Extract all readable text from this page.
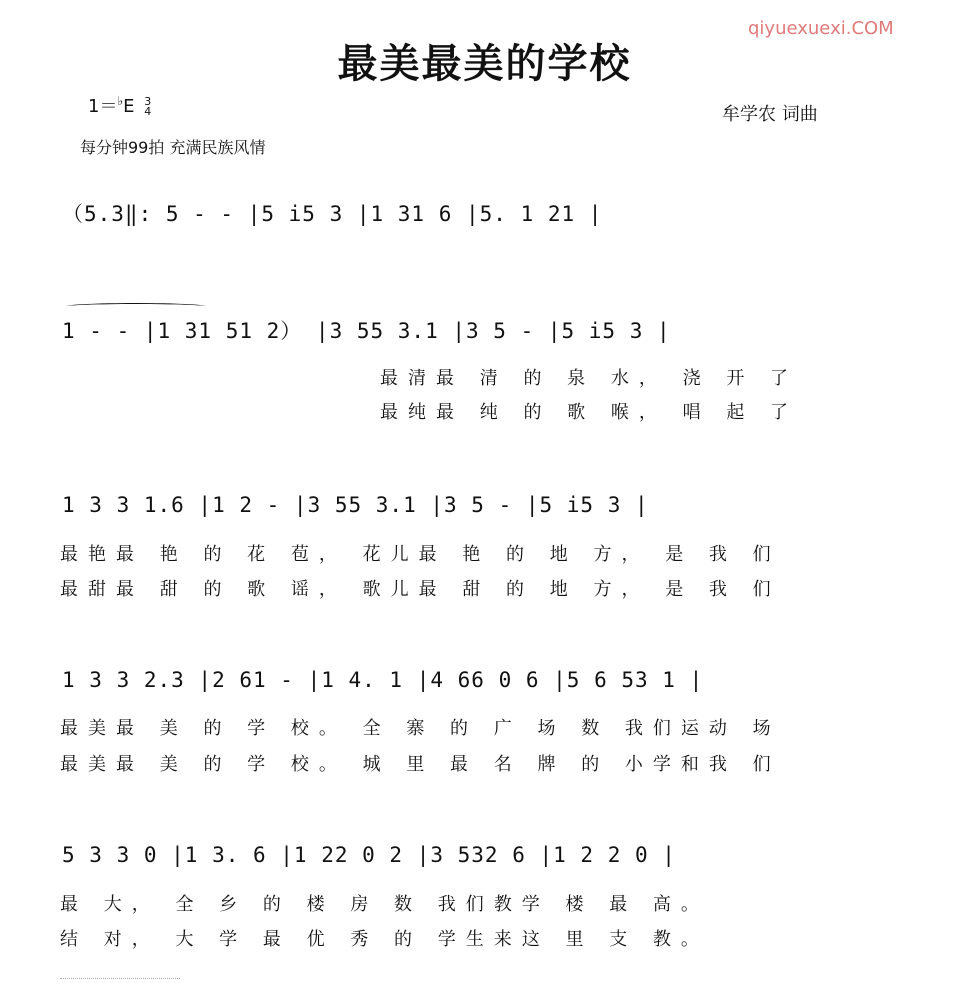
最美最美的学校
qiyuexuexi.COM
1＝♭E 3
4
每分钟99拍 充满民族风情
牟学农 词曲
（5.3‖: 5 - - |5 i5 3 |1 31 6 |5. 1 21 |
1 - - |1 31 51 2） |3 55 3.1 |3 5 - |5 i5 3 |
最清最 清 的 泉 水， 浇 开 了
最纯最 纯 的 歌 喉， 唱 起 了
1 3 3 1.6 |1 2 - |3 55 3.1 |3 5 - |5 i5 3 |
最艳最 艳 的 花 苞， 花儿最 艳 的 地 方， 是 我 们
最甜最 甜 的 歌 谣， 歌儿最 甜 的 地 方， 是 我 们
1 3 3 2.3 |2 61 - |1 4. 1 |4 66 0 6 |5 6 53 1 |
最美最 美 的 学 校。 全 寨 的 广 场 数 我们运动 场
最美最 美 的 学 校。 城 里 最 名 牌 的 小学和我 们
5 3 3 0 |1 3. 6 |1 22 0 2 |3 532 6 |1 2 2 0 |
最 大， 全 乡 的 楼 房 数 我们教学 楼 最 高。
结 对， 大 学 最 优 秀 的 学生来这 里 支 教。
